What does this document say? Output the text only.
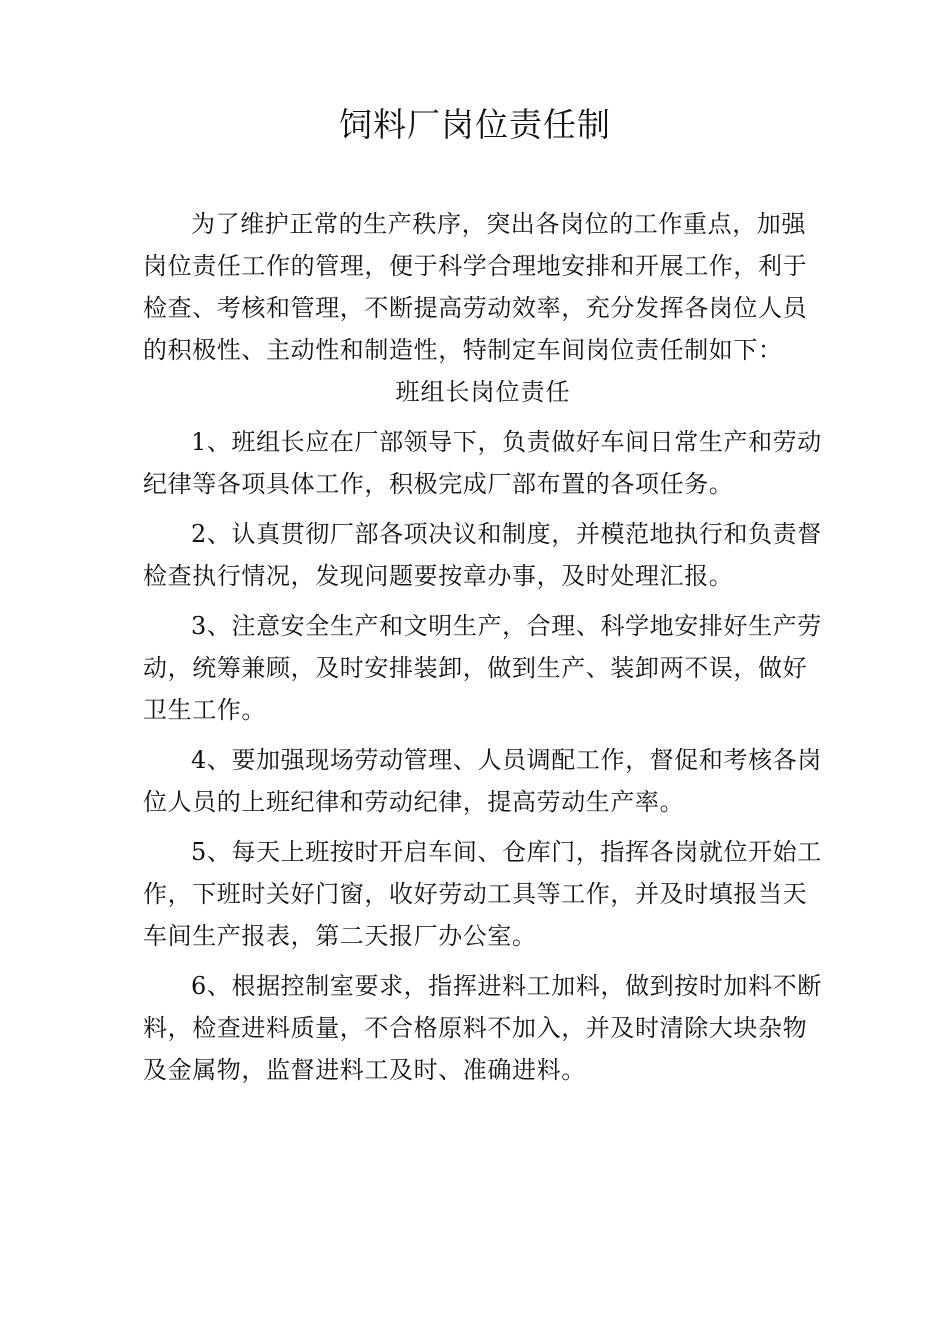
饲料厂岗位责任制

为了维护正常的生产秩序，突出各岗位的工作重点，加强
岗位责任工作的管理，便于科学合理地安排和开展工作，利于
检查、考核和管理，不断提高劳动效率，充分发挥各岗位人员
的积极性、主动性和制造性，特制定车间岗位责任制如下：

班组长岗位责任

1、班组长应在厂部领导下，负责做好车间日常生产和劳动
纪律等各项具体工作，积极完成厂部布置的各项任务。

2、认真贯彻厂部各项决议和制度，并模范地执行和负责督
检查执行情况，发现问题要按章办事，及时处理汇报。

3、注意安全生产和文明生产，合理、科学地安排好生产劳
动，统筹兼顾，及时安排装卸，做到生产、装卸两不误，做好
卫生工作。

4、要加强现场劳动管理、人员调配工作，督促和考核各岗
位人员的上班纪律和劳动纪律，提高劳动生产率。

5、每天上班按时开启车间、仓库门，指挥各岗就位开始工
作，下班时关好门窗，收好劳动工具等工作，并及时填报当天
车间生产报表，第二天报厂办公室。

6、根据控制室要求，指挥进料工加料，做到按时加料不断
料，检查进料质量，不合格原料不加入，并及时清除大块杂物
及金属物，监督进料工及时、准确进料。
